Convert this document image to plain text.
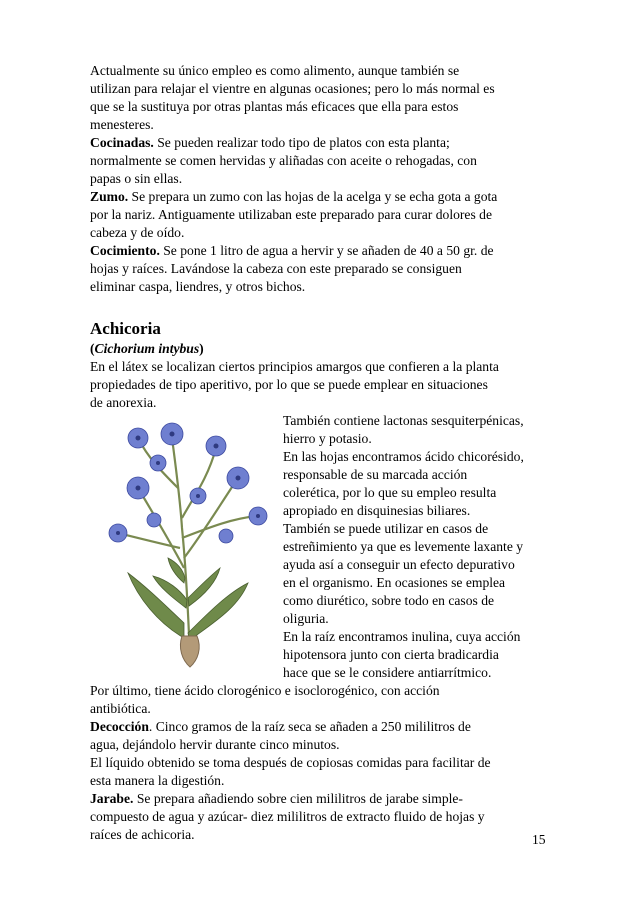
Actualmente su único empleo es como alimento, aunque también se
utilizan para relajar el vientre en algunas ocasiones; pero lo más normal es
que se la sustituya por otras plantas más eficaces que ella para estos
menesteres.
Cocinadas. Se pueden realizar todo tipo de platos con esta planta;
normalmente se comen hervidas y aliñadas con aceite o rehogadas, con
papas o sin ellas.
Zumo. Se prepara un zumo con las hojas de la acelga y se echa gota a gota
por la nariz. Antiguamente utilizaban este preparado para curar dolores de
cabeza y de oído.
Cocimiento. Se pone 1 litro de agua a hervir y se añaden de 40 a 50 gr. de
hojas y raíces. Lavándose la cabeza con este preparado se consiguen
eliminar caspa, liendres, y otros bichos.
Achicoria
(Cichorium intybus)
En el látex se localizan ciertos principios amargos que confieren a la planta
propiedades de tipo aperitivo, por lo que se puede emplear en situaciones
de anorexia.
También contiene lactonas sesquiterpénicas,
hierro y potasio.
En las hojas encontramos ácido chicorésido,
responsable de su marcada acción
colerética, por lo que su empleo resulta
apropiado en disquinesias biliares.
También se puede utilizar en casos de
estreñimiento ya que es levemente laxante y
ayuda así a conseguir un efecto depurativo
en el organismo. En ocasiones se emplea
como diurético, sobre todo en casos de
oliguria.
En la raíz encontramos inulina, cuya acción
hipotensora junto con cierta bradicardia
hace que se le considere antiarrítmico.
Por último, tiene ácido clorogénico e isoclorogénico, con acción
antibiótica.
Decocción. Cinco gramos de la raíz seca se añaden a 250 mililitros de
agua, dejándolo hervir durante cinco minutos.
El líquido obtenido se toma después de copiosas comidas para facilitar de
esta manera la digestión.
Jarabe. Se prepara añadiendo sobre cien mililitros de jarabe simple-
compuesto de agua y azúcar- diez mililitros de extracto fluido de hojas y
raíces de achicoria.	15
